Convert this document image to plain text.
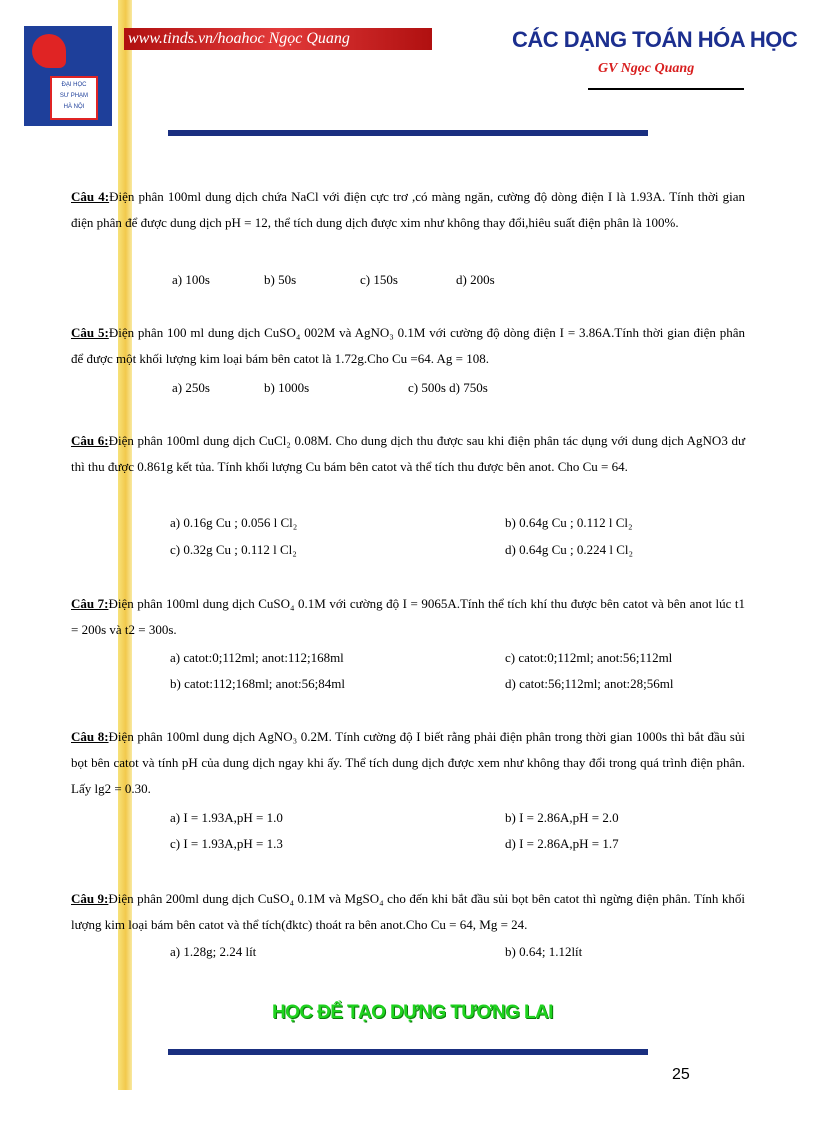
ĐẠI HỌC
SƯ PHẠM
HÀ NỘI
www.tinds.vn/hoahoc Ngọc Quang	CÁC DẠNG TOÁN HÓA HỌC
GV Ngọc Quang
Câu 4:Điện phân 100ml dung dịch chứa NaCl với điện cực trơ ,có màng ngăn, cường độ dòng điện I là 1.93A. Tính thời gian điện phân để được dung dịch pH = 12, thể tích dung dịch được xim như không thay đổi,hiêu suất điện phân là 100%.
a) 100s	b) 50s	c) 150s	d) 200s
Câu 5:Điện phân 100 ml dung dịch CuSO₄ 002M và AgNO₃ 0.1M với cường độ dòng điện I = 3.86A.Tính thời gian điện phân để được một khối lượng kim loại bám bên catot là 1.72g.Cho Cu =64. Ag = 108.
a) 250s	b) 1000s	c) 500s d) 750s
Câu 6:Điện phân 100ml dung dịch CuCl₂ 0.08M. Cho dung dịch thu được sau khi điện phân tác dụng với dung dịch AgNO3 dư thì thu được 0.861g kết tủa. Tính khối lượng Cu bám bên catot và thể tích thu được bên anot. Cho Cu = 64.
a) 0.16g Cu ; 0.056 l Cl₂	b) 0.64g Cu ; 0.112 l Cl₂
c) 0.32g Cu ; 0.112 l Cl₂	d) 0.64g Cu ; 0.224 l Cl₂
Câu 7:Điện phân 100ml dung dịch CuSO₄ 0.1M với cường độ I = 9065A.Tính thể tích khí thu được bên catot và bên anot lúc t1 = 200s và t2 = 300s.
a) catot:0;112ml; anot:112;168ml	c) catot:0;112ml; anot:56;112ml
b) catot:112;168ml; anot:56;84ml	d) catot:56;112ml; anot:28;56ml
Câu 8:Điện phân 100ml dung dịch AgNO₃ 0.2M. Tính cường độ I biết rằng phải điện phân trong thời gian 1000s thì bắt đầu sủi bọt bên catot và tính pH của dung dịch ngay khi ấy. Thể tích dung dịch được xem như không thay đổi trong quá trình điện phân. Lấy lg2 = 0.30.
a) I = 1.93A,pH = 1.0	b) I = 2.86A,pH = 2.0
c) I = 1.93A,pH = 1.3	d) I = 2.86A,pH = 1.7
Câu 9:Điện phân 200ml dung dịch CuSO₄ 0.1M và MgSO₄ cho đến khi bắt đầu sủi bọt bên catot thì ngừng điện phân. Tính khối lượng kim loại bám bên catot và thể tích(đktc) thoát ra bên anot.Cho Cu = 64, Mg = 24.
a) 1.28g; 2.24 lít	b) 0.64; 1.12lít
HỌC ĐỂ TẠO DỰNG TƯƠNG LAI
25
